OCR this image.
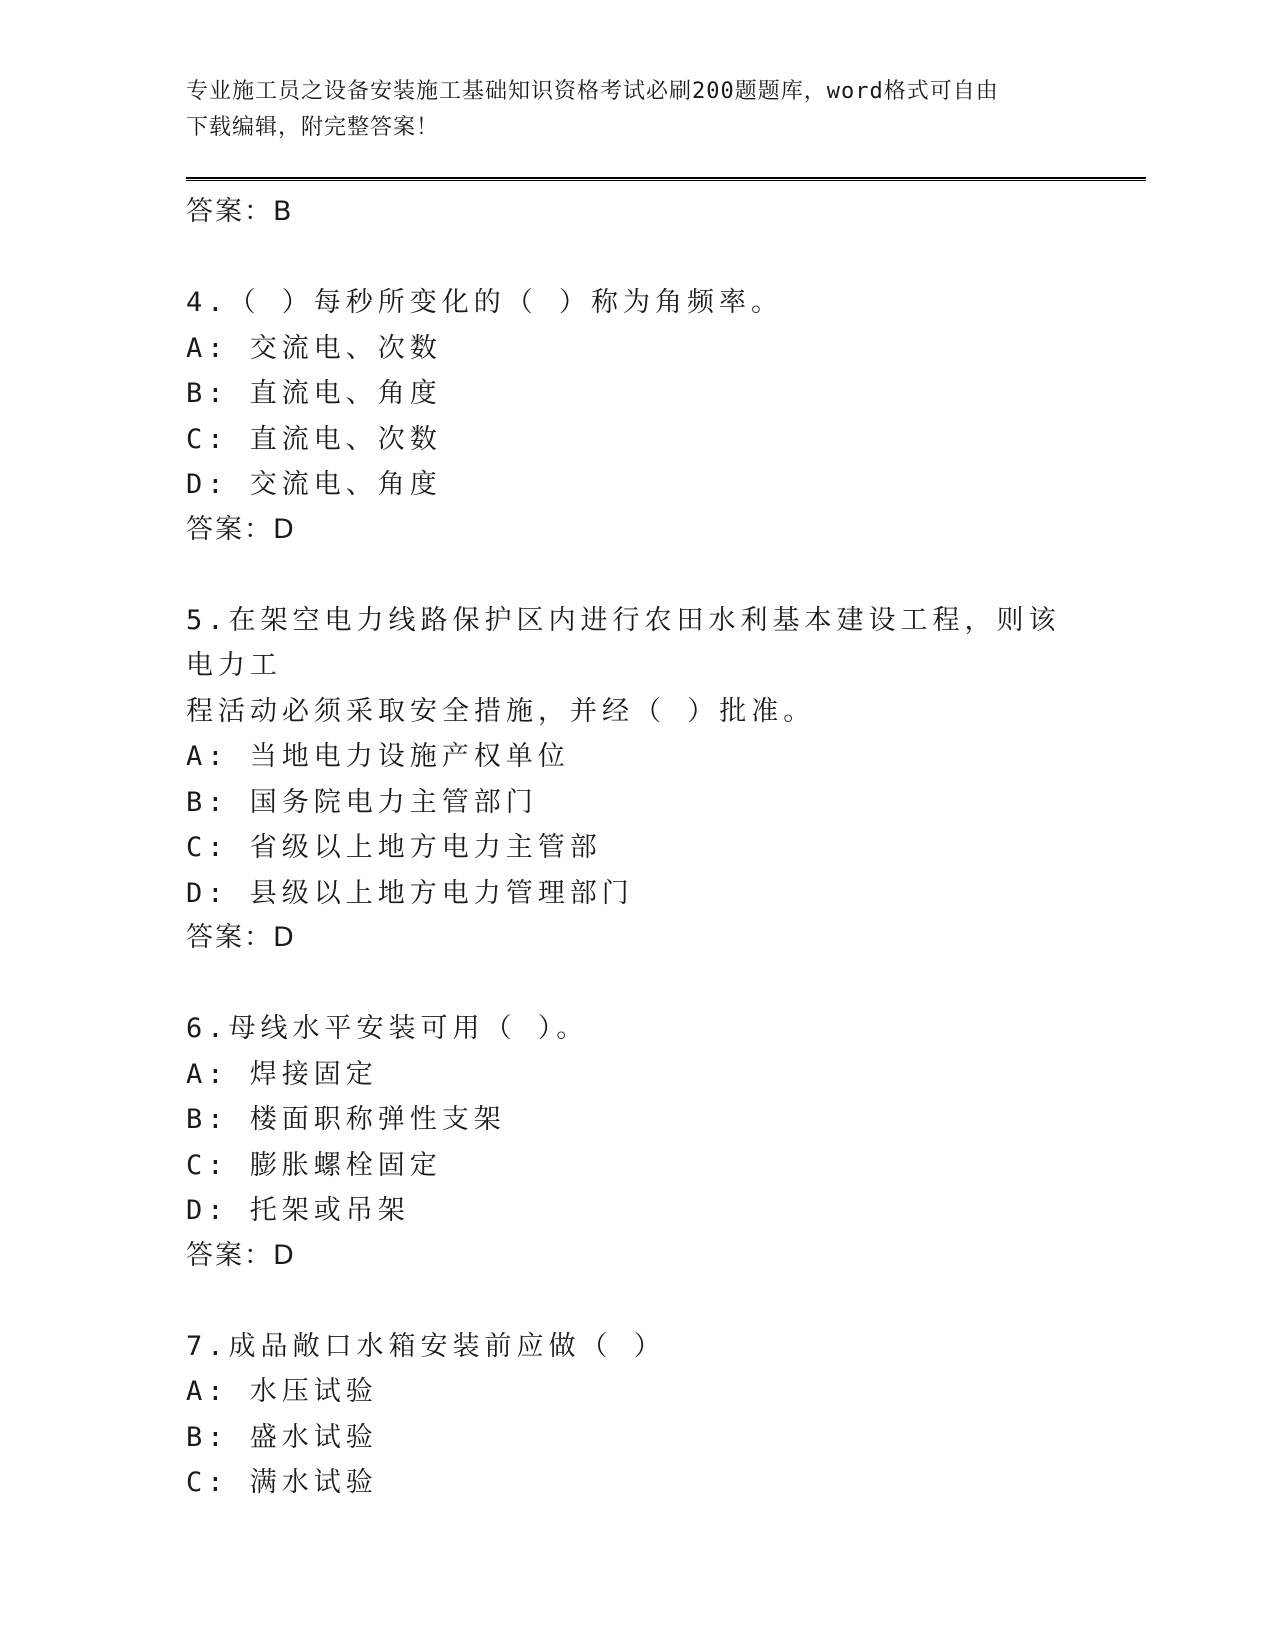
专业施工员之设备安装施工基础知识资格考试必刷200题题库，word格式可自由
下载编辑，附完整答案！
答案：B
4.（ ）每秒所变化的（ ）称为角频率。
A: 交流电、次数
B: 直流电、角度
C: 直流电、次数
D: 交流电、角度
答案：D
5.在架空电力线路保护区内进行农田水利基本建设工程，则该电力工
程活动必须采取安全措施，并经（ ）批准。
A: 当地电力设施产权单位
B: 国务院电力主管部门
C: 省级以上地方电力主管部
D: 县级以上地方电力管理部门
答案：D
6.母线水平安装可用（ ）。
A: 焊接固定
B: 楼面职称弹性支架
C: 膨胀螺栓固定
D: 托架或吊架
答案：D
7.成品敞口水箱安装前应做（ ）
A: 水压试验
B: 盛水试验
C: 满水试验
